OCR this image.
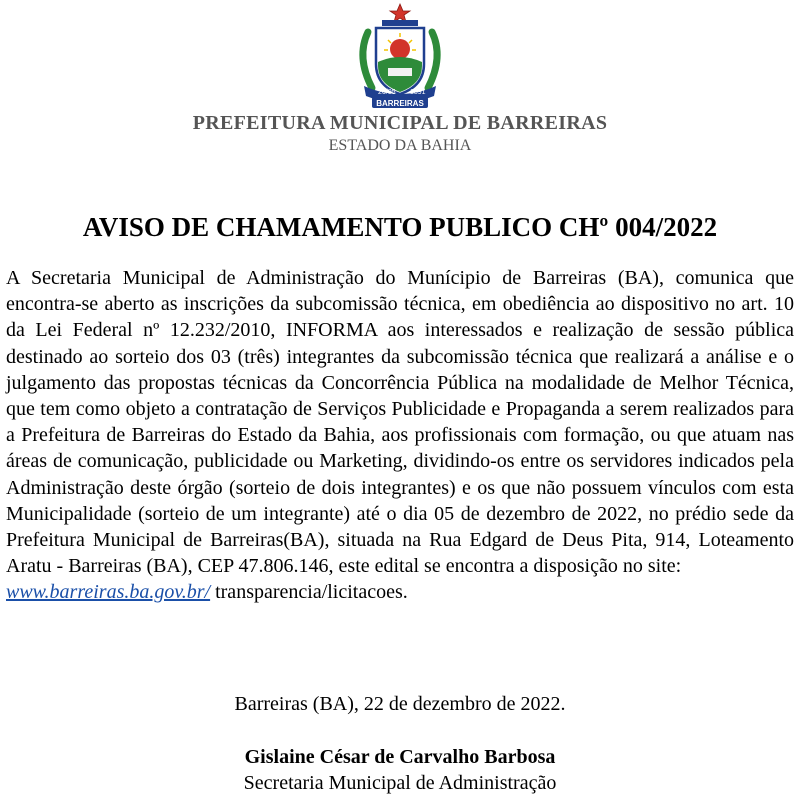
26/05 1891
BARREIRAS
PREFEITURA MUNICIPAL DE BARREIRAS
ESTADO DA BAHIA
AVISO DE CHAMAMENTO PUBLICO CHº 004/2022

A Secretaria Municipal de Administração do Munícipio de Barreiras (BA), comunica que encontra-se aberto as inscrições da subcomissão técnica, em obediência ao dispositivo no art. 10 da Lei Federal nº 12.232/2010, INFORMA aos interessados e realização de sessão pública destinado ao sorteio dos 03 (três) integrantes da subcomissão técnica que realizará a análise e o julgamento das propostas técnicas da Concorrência Pública na modalidade de Melhor Técnica, que tem como objeto a contratação de Serviços Publicidade e Propaganda a serem realizados para a Prefeitura de Barreiras do Estado da Bahia, aos profissionais com formação, ou que atuam nas áreas de comunicação, publicidade ou Marketing, dividindo-os entre os servidores indicados pela Administração deste órgão (sorteio de dois integrantes) e os que não possuem vínculos com esta Municipalidade (sorteio de um integrante) até o dia 05 de dezembro de 2022, no prédio sede da Prefeitura Municipal de Barreiras(BA), situada na Rua Edgard de Deus Pita, 914, Loteamento Aratu - Barreiras (BA), CEP 47.806.146, este edital se encontra a disposição no site:
www.barreiras.ba.gov.br/ transparencia/licitacoes.

Barreiras (BA), 22 de dezembro de 2022.
Gislaine César de Carvalho Barbosa
Secretaria Municipal de Administração
